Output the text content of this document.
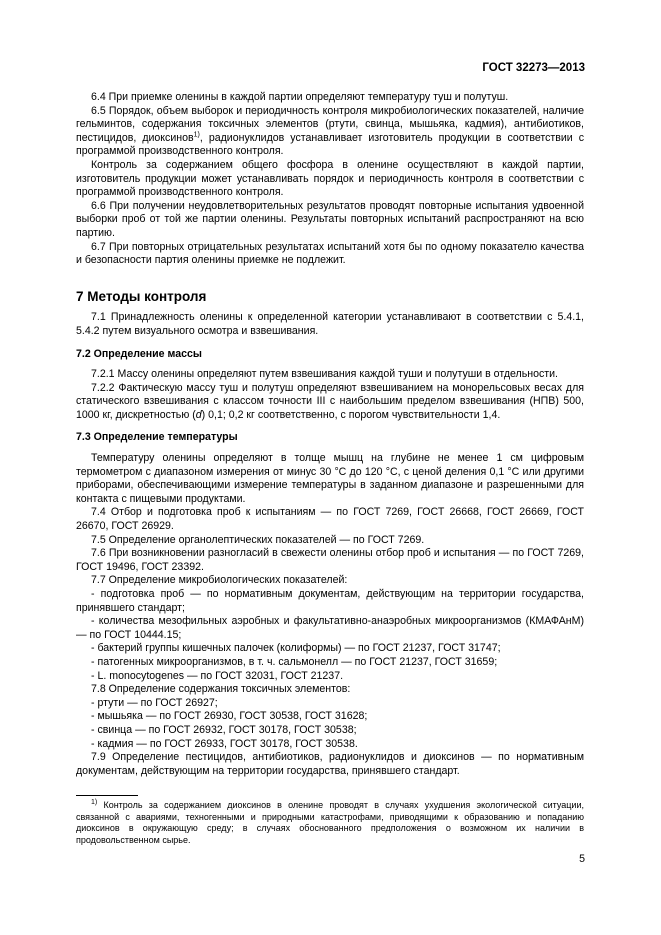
ГОСТ 32273—2013

6.4 При приемке оленины в каждой партии определяют температуру туш и полутуш.

6.5 Порядок, объем выборок и периодичность контроля микробиологических показателей, наличие гельминтов, содержания токсичных элементов (ртути, свинца, мышьяка, кадмия), антибиотиков, пестицидов, диоксинов$^{1)}$, радионуклидов устанавливает изготовитель продукции в соответствии с программой производственного контроля.

Контроль за содержанием общего фосфора в оленине осуществляют в каждой партии, изготовитель продукции может устанавливать порядок и периодичность контроля в соответствии с программой производственного контроля.

6.6 При получении неудовлетворительных результатов проводят повторные испытания удвоенной выборки проб от той же партии оленины. Результаты повторных испытаний распространяют на всю партию.

6.7 При повторных отрицательных результатах испытаний хотя бы по одному показателю качества и безопасности партия оленины приемке не подлежит.

7 Методы контроля

7.1 Принадлежность оленины к определенной категории устанавливают в соответствии с 5.4.1, 5.4.2 путем визуального осмотра и взвешивания.

7.2 Определение массы

7.2.1 Массу оленины определяют путем взвешивания каждой туши и полутуши в отдельности.

7.2.2 Фактическую массу туш и полутуш определяют взвешиванием на монорельсовых весах для статического взвешивания с классом точности III с наибольшим пределом взвешивания (НПВ) 500, 1000 кг, дискретностью (d) 0,1; 0,2 кг соответственно, с порогом чувствительности 1,4.

7.3 Определение температуры

Температуру оленины определяют в толще мышц на глубине не менее 1 см цифровым термометром с диапазоном измерения от минус 30 °С до 120 °С, с ценой деления 0,1 °С или другими приборами, обеспечивающими измерение температуры в заданном диапазоне и разрешенными для контакта с пищевыми продуктами.

7.4 Отбор и подготовка проб к испытаниям — по ГОСТ 7269, ГОСТ 26668, ГОСТ 26669, ГОСТ 26670, ГОСТ 26929.

7.5 Определение органолептических показателей — по ГОСТ 7269.

7.6 При возникновении разногласий в свежести оленины отбор проб и испытания — по ГОСТ 7269, ГОСТ 19496, ГОСТ 23392.

7.7 Определение микробиологических показателей:

- подготовка проб — по нормативным документам, действующим на территории государства, принявшего стандарт;

- количества мезофильных аэробных и факультативно-анаэробных микроорганизмов (КМАФАнМ) — по ГОСТ 10444.15;

- бактерий группы кишечных палочек (колиформы) — по ГОСТ 21237, ГОСТ 31747;

- патогенных микроорганизмов, в т. ч. сальмонелл — по ГОСТ 21237, ГОСТ 31659;

- L. monocytogenes — по ГОСТ 32031, ГОСТ 21237.

7.8 Определение содержания токсичных элементов:

- ртути — по ГОСТ 26927;

- мышьяка — по ГОСТ 26930, ГОСТ 30538, ГОСТ 31628;

- свинца — по ГОСТ 26932, ГОСТ 30178, ГОСТ 30538;

- кадмия — по ГОСТ 26933, ГОСТ 30178, ГОСТ 30538.

7.9 Определение пестицидов, антибиотиков, радионуклидов и диоксинов — по нормативным документам, действующим на территории государства, принявшего стандарт.

$^{1)}$ Контроль за содержанием диоксинов в оленине проводят в случаях ухудшения экологической ситуации, связанной с авариями, техногенными и природными катастрофами, приводящими к образованию и попаданию диоксинов в окружающую среду; в случаях обоснованного предположения о возможном их наличии в продовольственном сырье.
5
